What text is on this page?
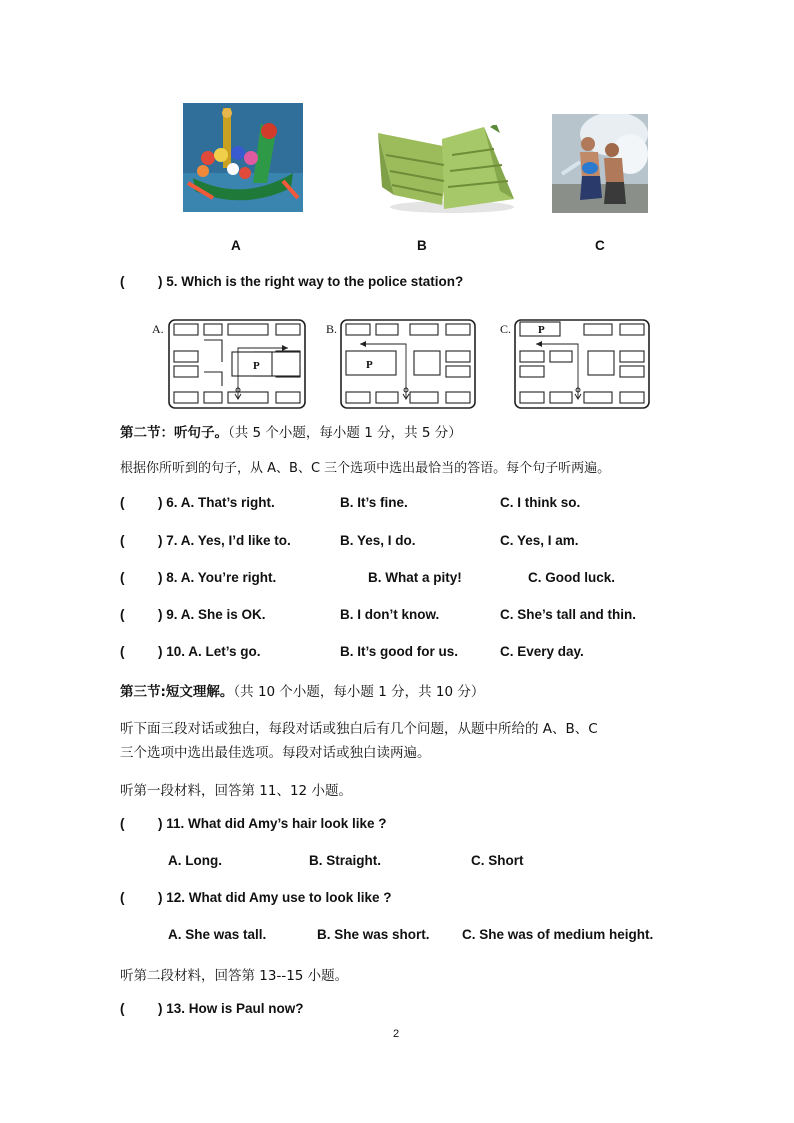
A	B	C
( ) 5. Which is the right way to the police station?
A.
P
B.
P
C. P
第二节：听句子。（共 5 个小题，每小题 1 分，共 5 分）
根据你所听到的句子，从 A、B、C 三个选项中选出最恰当的答语。每个句子听两遍。
( ) 6. A. That’s right.	B. It’s fine.	C. I think so.
( ) 7. A. Yes, I’d like to.	B. Yes, I do.	C. Yes, I am.
( ) 8. A. You’re right.	B. What a pity!	C. Good luck.
( ) 9. A. She is OK.	B. I don’t know.	C. She’s tall and thin.
( ) 10. A. Let’s go.	B. It’s good for us.	C. Every day.
第三节:短文理解。（共 10 个小题，每小题 1 分，共 10 分）
听下面三段对话或独白，每段对话或独白后有几个问题，从题中所给的 A、B、C
三个选项中选出最佳选项。每段对话或独白读两遍。
听第一段材料，回答第 11、12 小题。
( ) 11. What did Amy’s hair look like ?
A. Long.	B. Straight.	C. Short
( ) 12. What did Amy use to look like ?
A. She was tall.	B. She was short. C. She was of medium height.
听第二段材料，回答第 13--15 小题。
( ) 13. How is Paul now?
2
